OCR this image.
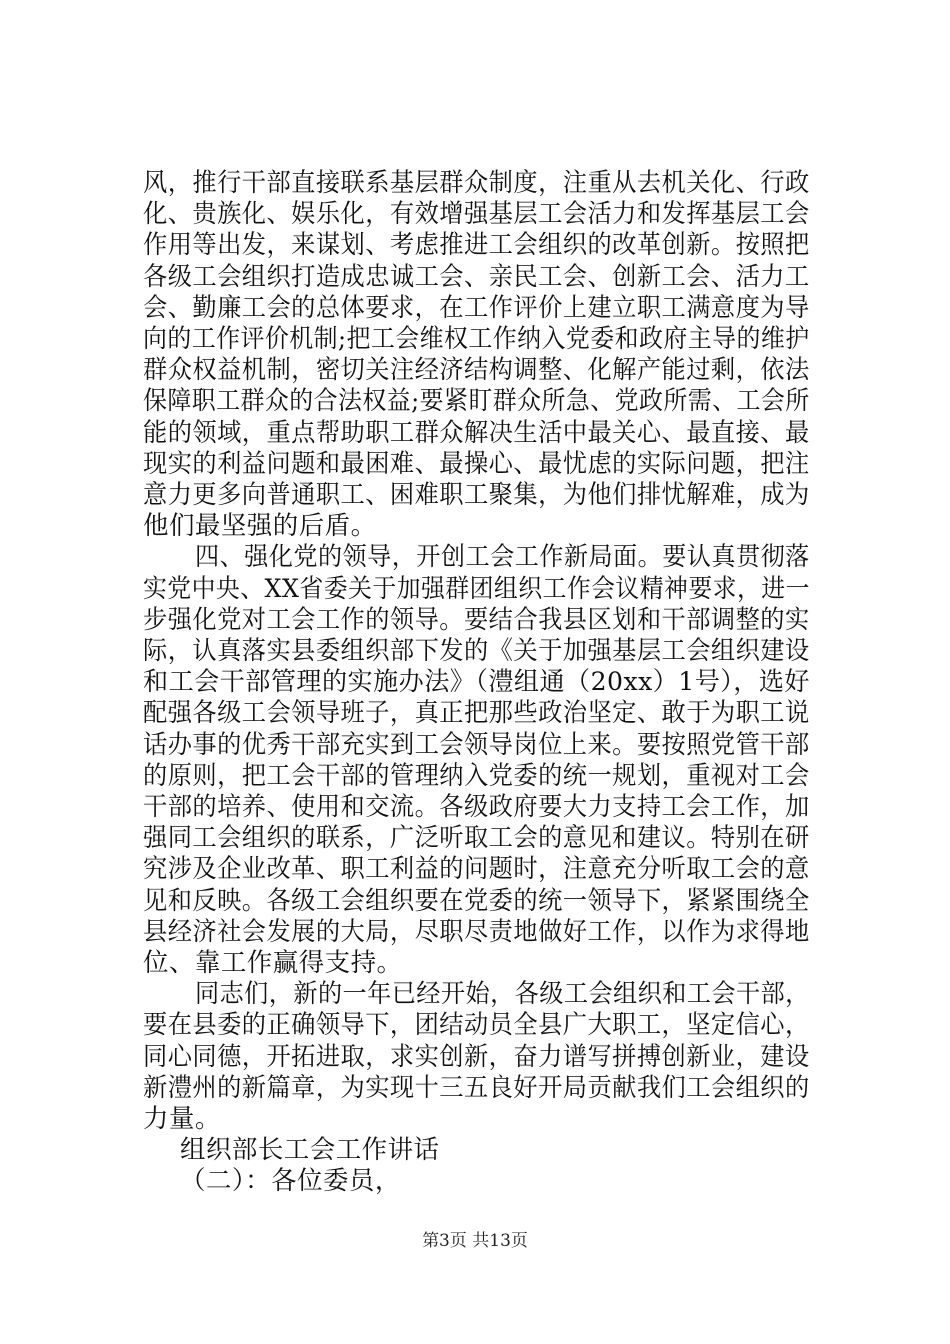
风，推行干部直接联系基层群众制度，注重从去机关化、行政
化、贵族化、娱乐化，有效增强基层工会活力和发挥基层工会
作用等出发，来谋划、考虑推进工会组织的改革创新。按照把
各级工会组织打造成忠诚工会、亲民工会、创新工会、活力工
会、勤廉工会的总体要求，在工作评价上建立职工满意度为导
向的工作评价机制;把工会维权工作纳入党委和政府主导的维护
群众权益机制，密切关注经济结构调整、化解产能过剩，依法
保障职工群众的合法权益;要紧盯群众所急、党政所需、工会所
能的领域，重点帮助职工群众解决生活中最关心、最直接、最
现实的利益问题和最困难、最操心、最忧虑的实际问题，把注
意力更多向普通职工、困难职工聚集，为他们排忧解难，成为
他们最坚强的后盾。
四、强化党的领导，开创工会工作新局面。要认真贯彻落
实党中央、XX省委关于加强群团组织工作会议精神要求，进一
步强化党对工会工作的领导。要结合我县区划和干部调整的实
际，认真落实县委组织部下发的《关于加强基层工会组织建设
和工会干部管理的实施办法》（澧组通（20xx）1号），选好
配强各级工会领导班子，真正把那些政治坚定、敢于为职工说
话办事的优秀干部充实到工会领导岗位上来。要按照党管干部
的原则，把工会干部的管理纳入党委的统一规划，重视对工会
干部的培养、使用和交流。各级政府要大力支持工会工作，加
强同工会组织的联系，广泛听取工会的意见和建议。特别在研
究涉及企业改革、职工利益的问题时，注意充分听取工会的意
见和反映。各级工会组织要在党委的统一领导下，紧紧围绕全
县经济社会发展的大局，尽职尽责地做好工作，以作为求得地
位、靠工作赢得支持。
同志们，新的一年已经开始，各级工会组织和工会干部，
要在县委的正确领导下，团结动员全县广大职工，坚定信心，
同心同德，开拓进取，求实创新，奋力谱写拼搏创新业，建设
新澧州的新篇章，为实现十三五良好开局贡献我们工会组织的
力量。
组织部长工会工作讲话
（二）：各位委员，
第3页 共13页
